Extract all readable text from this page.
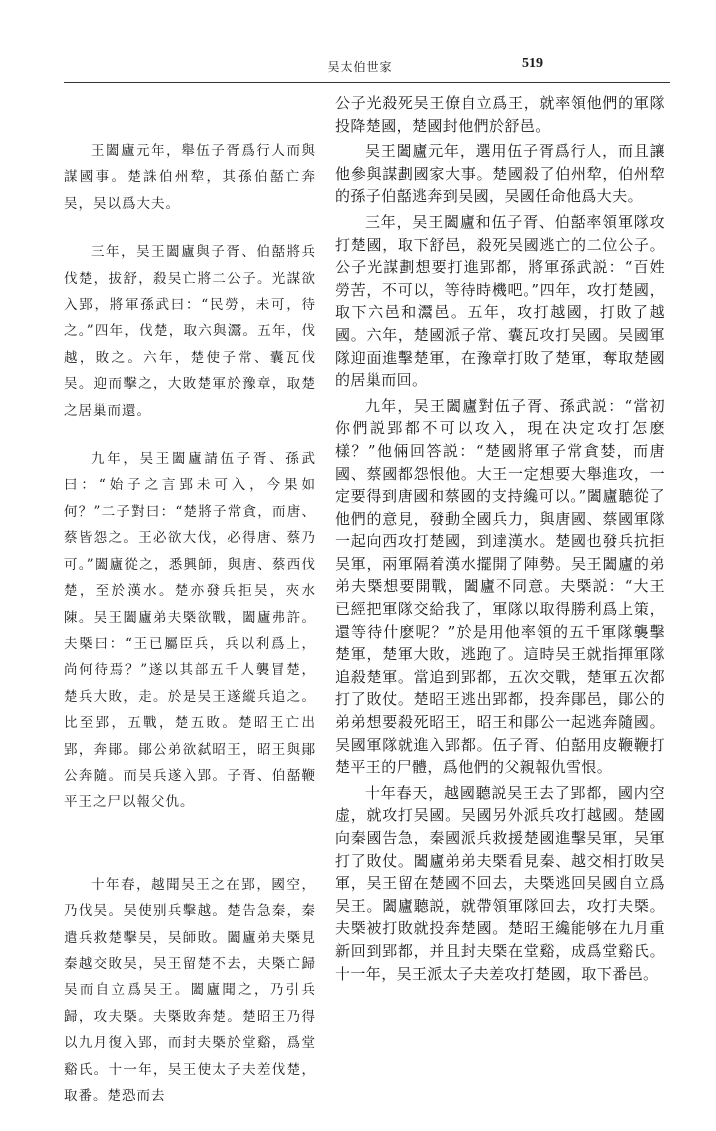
吴太伯世家	519

王闔廬元年，舉伍子胥爲行人而與謀國事。楚誅伯州犂，其孫伯嚭亡奔吴，吴以爲大夫。

三年，吴王闔廬與子胥、伯嚭將兵伐楚，拔舒，殺吴亡將二公子。光謀欲入郢，將軍孫武曰：“民勞，未可，待之。”四年，伐楚，取六與灊。五年，伐越，敗之。六年，楚使子常、囊瓦伐吴。迎而擊之，大敗楚軍於豫章，取楚之居巢而還。

九年，吴王闔廬請伍子胥、孫武曰：“始子之言郢未可入，今果如何？”二子對曰：“楚將子常貪，而唐、蔡皆怨之。王必欲大伐，必得唐、蔡乃可。”闔廬從之，悉興師，與唐、蔡西伐楚，至於漢水。楚亦發兵拒吴，夾水陳。吴王闔廬弟夫槩欲戰，闔廬弗許。夫槩曰：“王已屬臣兵，兵以利爲上，尚何待焉？”遂以其部五千人襲冒楚，楚兵大敗，走。於是吴王遂縱兵追之。比至郢，五戰，楚五敗。楚昭王亡出郢，奔鄖。鄖公弟欲弑昭王，昭王與鄖公奔隨。而吴兵遂入郢。子胥、伯嚭鞭平王之尸以報父仇。

十年春，越聞吴王之在郢，國空，乃伐吴。吴使别兵擊越。楚告急秦，秦遣兵救楚擊吴，吴師敗。闔廬弟夫槩見秦越交敗吴，吴王留楚不去，夫槩亡歸吴而自立爲吴王。闔廬聞之，乃引兵歸，攻夫槩。夫槩敗奔楚。楚昭王乃得以九月復入郢，而封夫槩於堂谿，爲堂谿氏。十一年，吴王使太子夫差伐楚，取番。楚恐而去

公子光殺死吴王僚自立爲王，就率領他們的軍隊投降楚國，楚國封他們於舒邑。

吴王闔廬元年，選用伍子胥爲行人，而且讓他參與謀劃國家大事。楚國殺了伯州犂，伯州犂的孫子伯嚭逃奔到吴國，吴國任命他爲大夫。

三年，吴王闔廬和伍子胥、伯嚭率領軍隊攻打楚國，取下舒邑，殺死吴國逃亡的二位公子。公子光謀劃想要打進郢都，將軍孫武説：“百姓勞苦，不可以，等待時機吧。”四年，攻打楚國，取下六邑和灊邑。五年，攻打越國，打敗了越國。六年，楚國派子常、囊瓦攻打吴國。吴國軍隊迎面進擊楚軍，在豫章打敗了楚軍，奪取楚國的居巢而回。

九年，吴王闔廬對伍子胥、孫武説：“當初你們説郢都不可以攻入，現在决定攻打怎麽樣？”他倆回答説：“楚國將軍子常貪婪，而唐國、蔡國都怨恨他。大王一定想要大舉進攻，一定要得到唐國和蔡國的支持纔可以。”闔廬聽從了他們的意見，發動全國兵力，與唐國、蔡國軍隊一起向西攻打楚國，到達漢水。楚國也發兵抗拒吴軍，兩軍隔着漢水擺開了陣勢。吴王闔廬的弟弟夫槩想要開戰，闔廬不同意。夫槩説：“大王已經把軍隊交給我了，軍隊以取得勝利爲上策，還等待什麽呢？”於是用他率領的五千軍隊襲擊楚軍，楚軍大敗，逃跑了。這時吴王就指揮軍隊追殺楚軍。當追到郢都，五次交戰，楚軍五次都打了敗仗。楚昭王逃出郢都，投奔鄖邑，鄖公的弟弟想要殺死昭王，昭王和鄖公一起逃奔隨國。吴國軍隊就進入郢都。伍子胥、伯嚭用皮鞭鞭打楚平王的尸體，爲他們的父親報仇雪恨。

十年春天，越國聽説吴王去了郢都，國内空虚，就攻打吴國。吴國另外派兵攻打越國。楚國向秦國告急，秦國派兵救援楚國進擊吴軍，吴軍打了敗仗。闔廬弟弟夫槩看見秦、越交相打敗吴軍，吴王留在楚國不回去，夫槩逃回吴國自立爲吴王。闔廬聽説，就帶領軍隊回去，攻打夫槩。夫槩被打敗就投奔楚國。楚昭王纔能够在九月重新回到郢都，并且封夫槩在堂谿，成爲堂谿氏。十一年，吴王派太子夫差攻打楚國，取下番邑。
